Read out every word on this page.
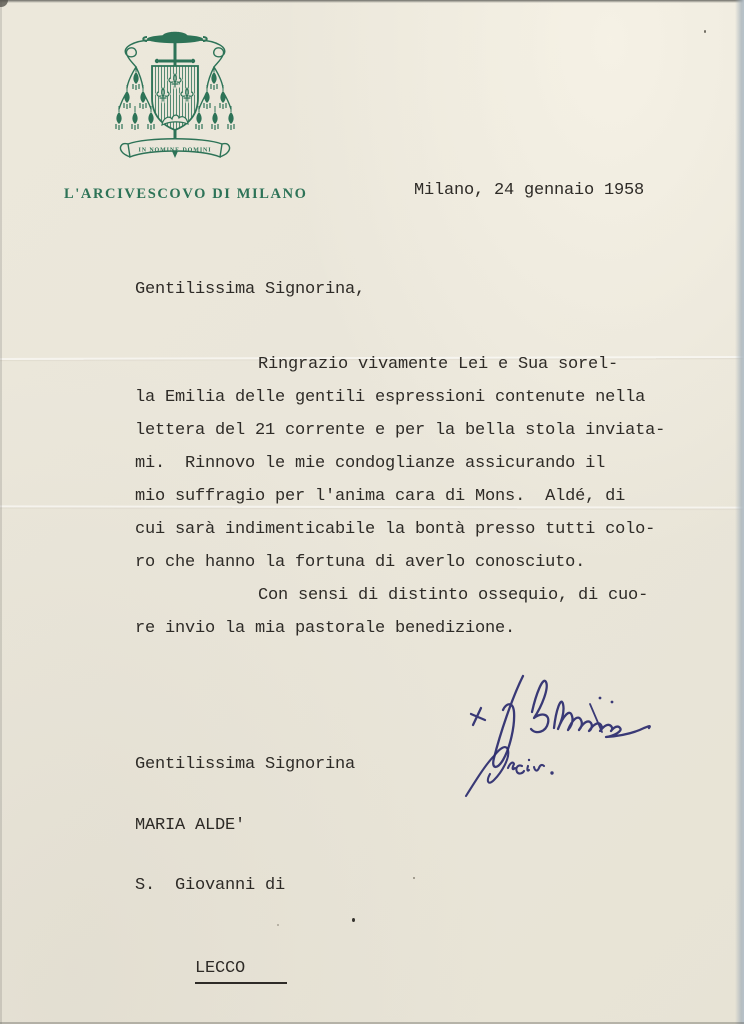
IN NOMINE DOMINI
L'ARCIVESCOVO DI MILANO	Milano, 24 gennaio 1958
Gentilissima Signorina,
Ringrazio vivamente Lei e Sua sorel-
la Emilia delle gentili espressioni contenute nella
lettera del 21 corrente e per la bella stola inviata-
mi.  Rinnovo le mie condoglianze assicurando il
mio suffragio per l'anima cara di Mons.  Aldé, di
cui sarà indimenticabile la bontà presso tutti colo-
ro che hanno la fortuna di averlo conosciuto.
Con sensi di distinto ossequio, di cuo-
re invio la mia pastorale benedizione.

Gentilissima Signorina

MARIA ALDE'

S.  Giovanni di

LECCO
